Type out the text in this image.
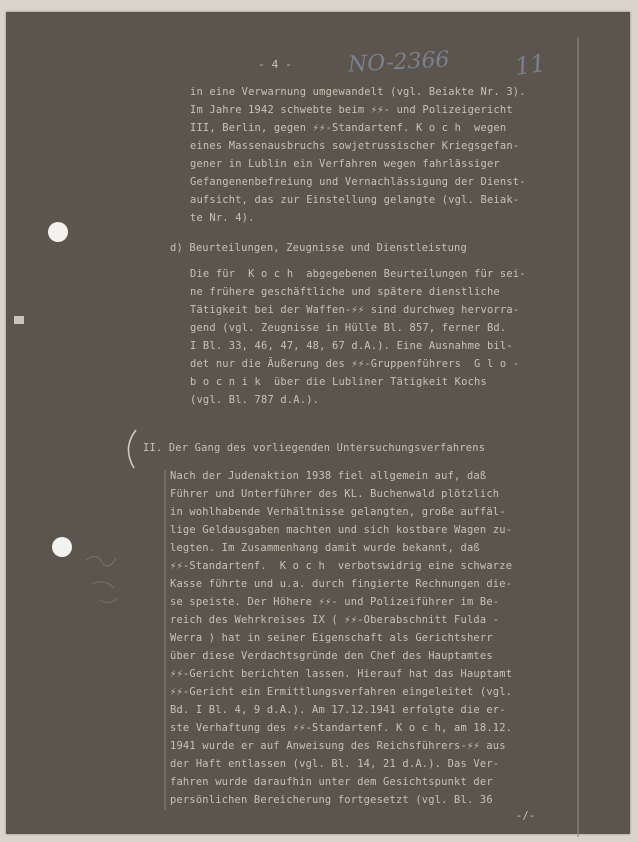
- 4 -	NO-2366	11
in eine Verwarnung umgewandelt (vgl. Beiakte Nr. 3).
Im Jahre 1942 schwebte beim ⚡⚡- und Polizeigericht
III, Berlin, gegen ⚡⚡-Standartenf. K o c h  wegen
eines Massenausbruchs sowjetrussischer Kriegsgefan-
gener in Lublin ein Verfahren wegen fahrlässiger
Gefangenenbefreiung und Vernachlässigung der Dienst-
aufsicht, das zur Einstellung gelangte (vgl. Beiak-
te Nr. 4).
d) Beurteilungen, Zeugnisse und Dienstleistung
Die für  K o c h  abgegebenen Beurteilungen für sei-
ne frühere geschäftliche und spätere dienstliche
Tätigkeit bei der Waffen-⚡⚡ sind durchweg hervorra-
gend (vgl. Zeugnisse in Hülle Bl. 857, ferner Bd.
I Bl. 33, 46, 47, 48, 67 d.A.). Eine Ausnahme bil-
det nur die Äußerung des ⚡⚡-Gruppenführers  G l o -
b o c n i k  über die Lubliner Tätigkeit Kochs
(vgl. Bl. 787 d.A.).
II. Der Gang des vorliegenden Untersuchungsverfahrens
Nach der Judenaktion 1938 fiel allgemein auf, daß
Führer und Unterführer des KL. Buchenwald plötzlich
in wohlhabende Verhältnisse gelangten, große auffäl-
lige Geldausgaben machten und sich kostbare Wagen zu-
legten. Im Zusammenhang damit wurde bekannt, daß
⚡⚡-Standartenf.  K o c h  verbotswidrig eine schwarze
Kasse führte und u.a. durch fingierte Rechnungen die-
se speiste. Der Höhere ⚡⚡- und Polizeiführer im Be-
reich des Wehrkreises IX ( ⚡⚡-Oberabschnitt Fulda -
Werra ) hat in seiner Eigenschaft als Gerichtsherr
über diese Verdachtsgründe den Chef des Hauptamtes
⚡⚡-Gericht berichten lassen. Hierauf hat das Hauptamt
⚡⚡-Gericht ein Ermittlungsverfahren eingeleitet (vgl.
Bd. I Bl. 4, 9 d.A.). Am 17.12.1941 erfolgte die er-
ste Verhaftung des ⚡⚡-Standartenf. K o c h, am 18.12.
1941 wurde er auf Anweisung des Reichsführers-⚡⚡ aus
der Haft entlassen (vgl. Bl. 14, 21 d.A.). Das Ver-
fahren wurde daraufhin unter dem Gesichtspunkt der
persönlichen Bereicherung fortgesetzt (vgl. Bl. 36
-/-
